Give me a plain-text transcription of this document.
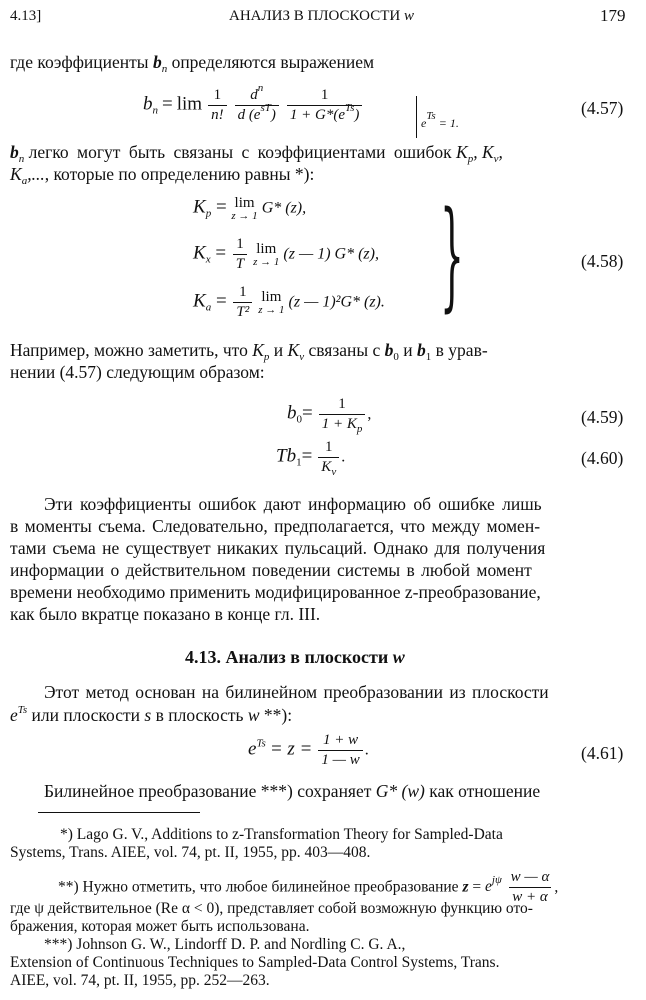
4.13]	АНАЛИЗ В ПЛОСКОСТИ w	179
где коэффициенты $b_n$ определяются выражением
$b_n = \lim \frac{1}{n!}$
$\frac{d^n}{d (e^{sT})}$
$\frac{1}{1 + G*(e^{Ts})}$	$e^{Ts} = 1$.
(4.57)
$b_n$ легко могут быть связаны с коэффициентами ошибок $K_p$, $K_v$,
$K_a$,..., которые по определению равны *):
$K_p = \lim$
z → 1 G* (z),
$K_x = \frac{1}{T}$
lim
z → 1 (z — 1) G* (z),
$K_a = \frac{1}{\text{T²}}$
lim
z → 1 (z — 1)²G* (z). }	(4.58)
Например, можно заметить, что $K_p$ и $K_v$ связаны с $b_0$ и $b_1$ в урав-
нении (4.57) следующим образом:
$b_0= \frac{1}{1 + K_p}$ ,	(4.59)
$Tb_1= \frac{1}{K_v}$ .	(4.60)
Эти коэффициенты ошибок дают информацию об ошибке лишь
в моменты съема. Следовательно, предполагается, что между момен-
тами съема не существует никаких пульсаций. Однако для получения
информации о действительном поведении системы в любой момент
времени необходимо применить модифицированное z-преобразование,
как было вкратце показано в конце гл. III.
4.13. Анализ в плоскости w
Этот метод основан на билинейном преобразовании из плоскости
$e^{Ts}$ или плоскости s в плоскость w **):
$e^{Ts} = z = \frac{1 + w}{1 — w}$ .	(4.61)
Билинейное преобразование ***) сохраняет G* (w) как отношение
*) Lago G. V., Additions to z-Transformation Theory for Sampled-Data
Systems, Trans. AIEE, vol. 74, pt. II, 1955, pp. 403—408.
**) Нужно отметить, что любое билинейное преобразование $z = e^{j\psi} \frac{w — \alpha}{w + \alpha}$ ,
где ψ действительное (Re α < 0), представляет собой возможную функцию ото-
бражения, которая может быть использована.
***) Johnson G. W., Lindorff D. P. and Nordling C. G. A.,
Extension of Continuous Techniques to Sampled-Data Control Systems, Trans.
AIEE, vol. 74, pt. II, 1955, pp. 252—263.
